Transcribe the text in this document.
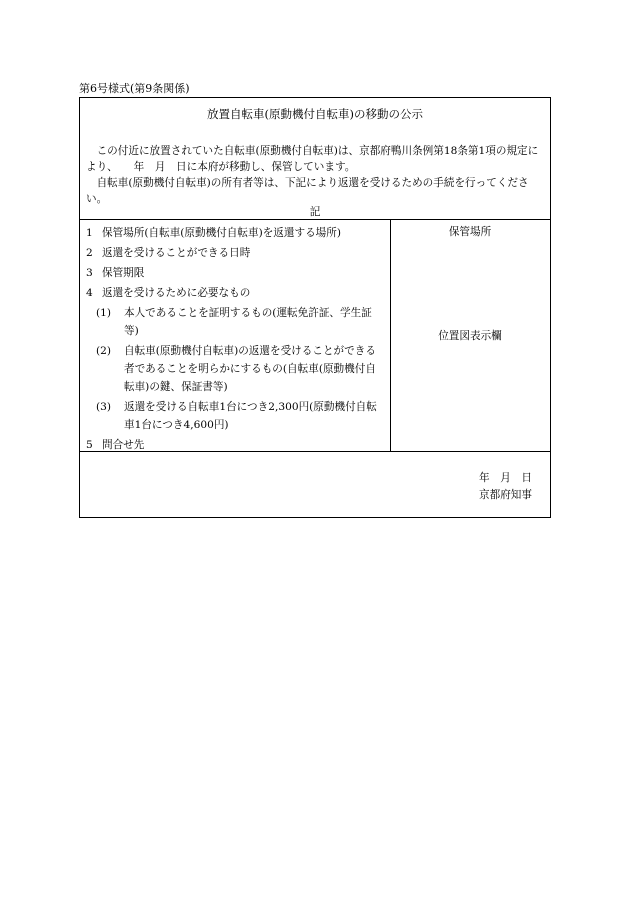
第6号様式(第9条関係)
放置自転車(原動機付自転車)の移動の公示

この付近に放置されていた自転車(原動機付自転車)は、京都府鴨川条例第18条第1項の規定により、　　年　月　日に本府が移動し、保管しています。

自転車(原動機付自転車)の所有者等は、下記により返還を受けるための手続を行ってください。

記
1 保管場所(自転車(原動機付自転車)を返還する場所)
2 返還を受けることができる日時
3 保管期限
4 返還を受けるために必要なもの
(1)	本人であることを証明するもの(運転免許証、学生証等)
(2)	自転車(原動機付自転車)の返還を受けることができる者であることを明らかにするもの(自転車(原動機付自転車)の鍵、保証書等)
(3)	返還を受ける自転車1台につき2,300円(原動機付自転車1台につき4,600円)
5 問合せ先
保管場所
位置図表示欄
年　月　日
京都府知事
